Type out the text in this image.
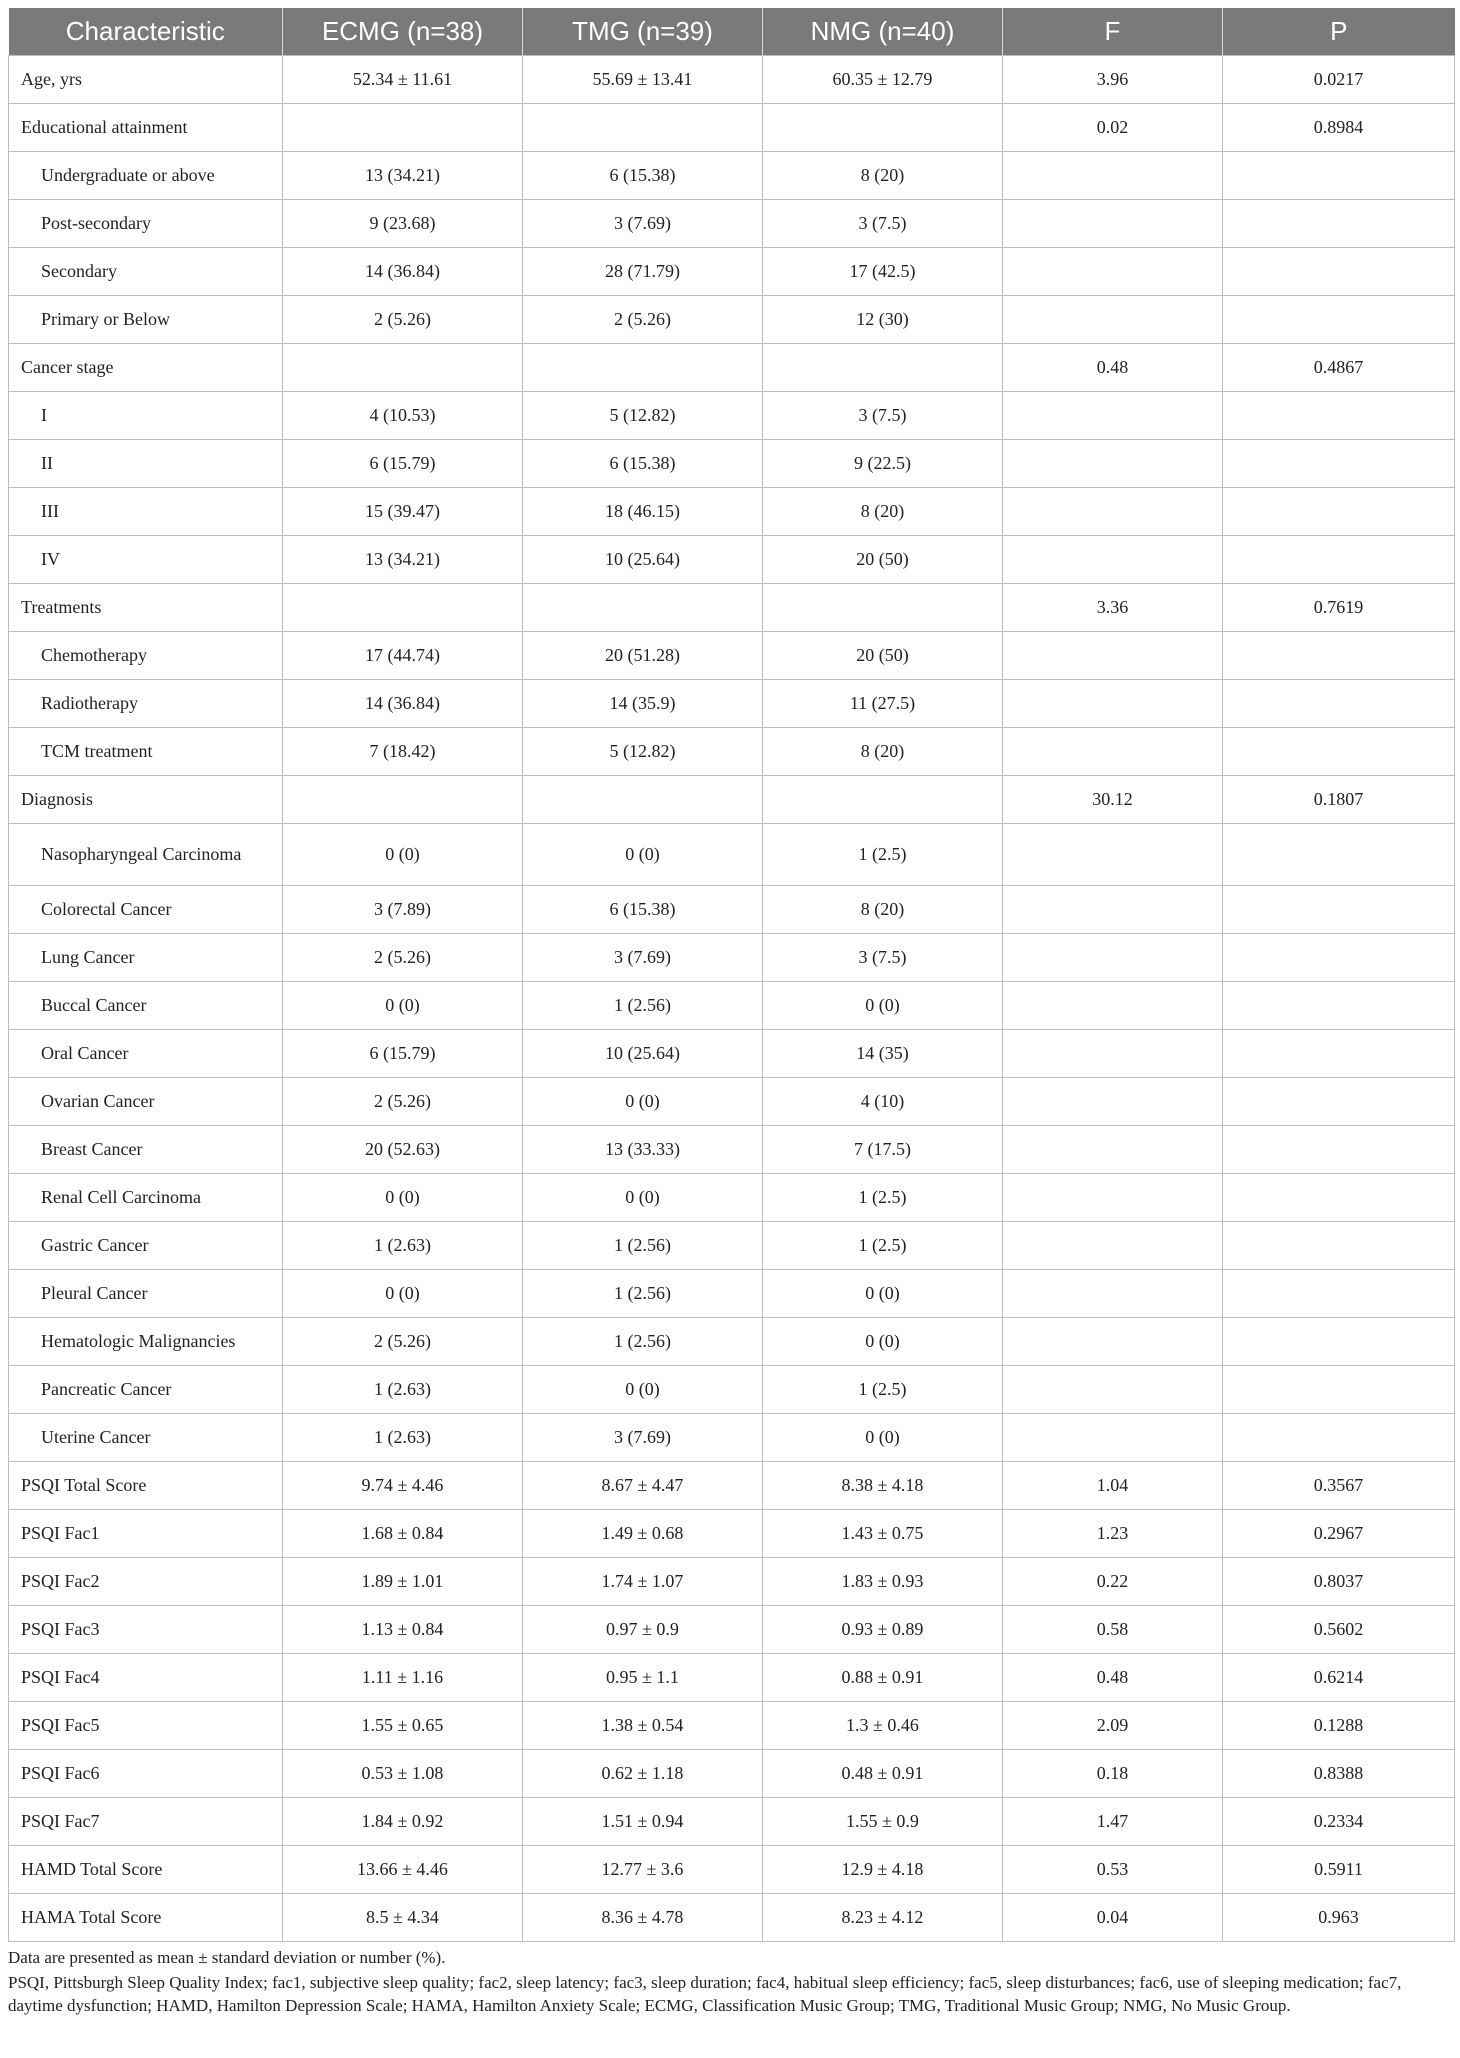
Characteristic	ECMG (n=38)	TMG (n=39)	NMG (n=40)	F	P
Age, yrs	52.34 ± 11.61	55.69 ± 13.41	60.35 ± 12.79	3.96	0.0217
Educational attainment				0.02	0.8984
Undergraduate or above	13 (34.21)	6 (15.38)	8 (20)		
Post-secondary	9 (23.68)	3 (7.69)	3 (7.5)		
Secondary	14 (36.84)	28 (71.79)	17 (42.5)		
Primary or Below	2 (5.26)	2 (5.26)	12 (30)		
Cancer stage				0.48	0.4867
I	4 (10.53)	5 (12.82)	3 (7.5)		
II	6 (15.79)	6 (15.38)	9 (22.5)		
III	15 (39.47)	18 (46.15)	8 (20)		
IV	13 (34.21)	10 (25.64)	20 (50)		
Treatments				3.36	0.7619
Chemotherapy	17 (44.74)	20 (51.28)	20 (50)		
Radiotherapy	14 (36.84)	14 (35.9)	11 (27.5)		
TCM treatment	7 (18.42)	5 (12.82)	8 (20)		
Diagnosis				30.12	0.1807
Nasopharyngeal Carcinoma	0 (0)	0 (0)	1 (2.5)		
Colorectal Cancer	3 (7.89)	6 (15.38)	8 (20)		
Lung Cancer	2 (5.26)	3 (7.69)	3 (7.5)		
Buccal Cancer	0 (0)	1 (2.56)	0 (0)		
Oral Cancer	6 (15.79)	10 (25.64)	14 (35)		
Ovarian Cancer	2 (5.26)	0 (0)	4 (10)		
Breast Cancer	20 (52.63)	13 (33.33)	7 (17.5)		
Renal Cell Carcinoma	0 (0)	0 (0)	1 (2.5)		
Gastric Cancer	1 (2.63)	1 (2.56)	1 (2.5)		
Pleural Cancer	0 (0)	1 (2.56)	0 (0)		
Hematologic Malignancies	2 (5.26)	1 (2.56)	0 (0)		
Pancreatic Cancer	1 (2.63)	0 (0)	1 (2.5)		
Uterine Cancer	1 (2.63)	3 (7.69)	0 (0)		
PSQI Total Score	9.74 ± 4.46	8.67 ± 4.47	8.38 ± 4.18	1.04	0.3567
PSQI Fac1	1.68 ± 0.84	1.49 ± 0.68	1.43 ± 0.75	1.23	0.2967
PSQI Fac2	1.89 ± 1.01	1.74 ± 1.07	1.83 ± 0.93	0.22	0.8037
PSQI Fac3	1.13 ± 0.84	0.97 ± 0.9	0.93 ± 0.89	0.58	0.5602
PSQI Fac4	1.11 ± 1.16	0.95 ± 1.1	0.88 ± 0.91	0.48	0.6214
PSQI Fac5	1.55 ± 0.65	1.38 ± 0.54	1.3 ± 0.46	2.09	0.1288
PSQI Fac6	0.53 ± 1.08	0.62 ± 1.18	0.48 ± 0.91	0.18	0.8388
PSQI Fac7	1.84 ± 0.92	1.51 ± 0.94	1.55 ± 0.9	1.47	0.2334
HAMD Total Score	13.66 ± 4.46	12.77 ± 3.6	12.9 ± 4.18	0.53	0.5911
HAMA Total Score	8.5 ± 4.34	8.36 ± 4.78	8.23 ± 4.12	0.04	0.963
Data are presented as mean ± standard deviation or number (%).
PSQI, Pittsburgh Sleep Quality Index; fac1, subjective sleep quality; fac2, sleep latency; fac3, sleep duration; fac4, habitual sleep efficiency; fac5, sleep disturbances; fac6, use of sleeping medication; fac7, daytime dysfunction; HAMD, Hamilton Depression Scale; HAMA, Hamilton Anxiety Scale; ECMG, Classification Music Group; TMG, Traditional Music Group; NMG, No Music Group.
